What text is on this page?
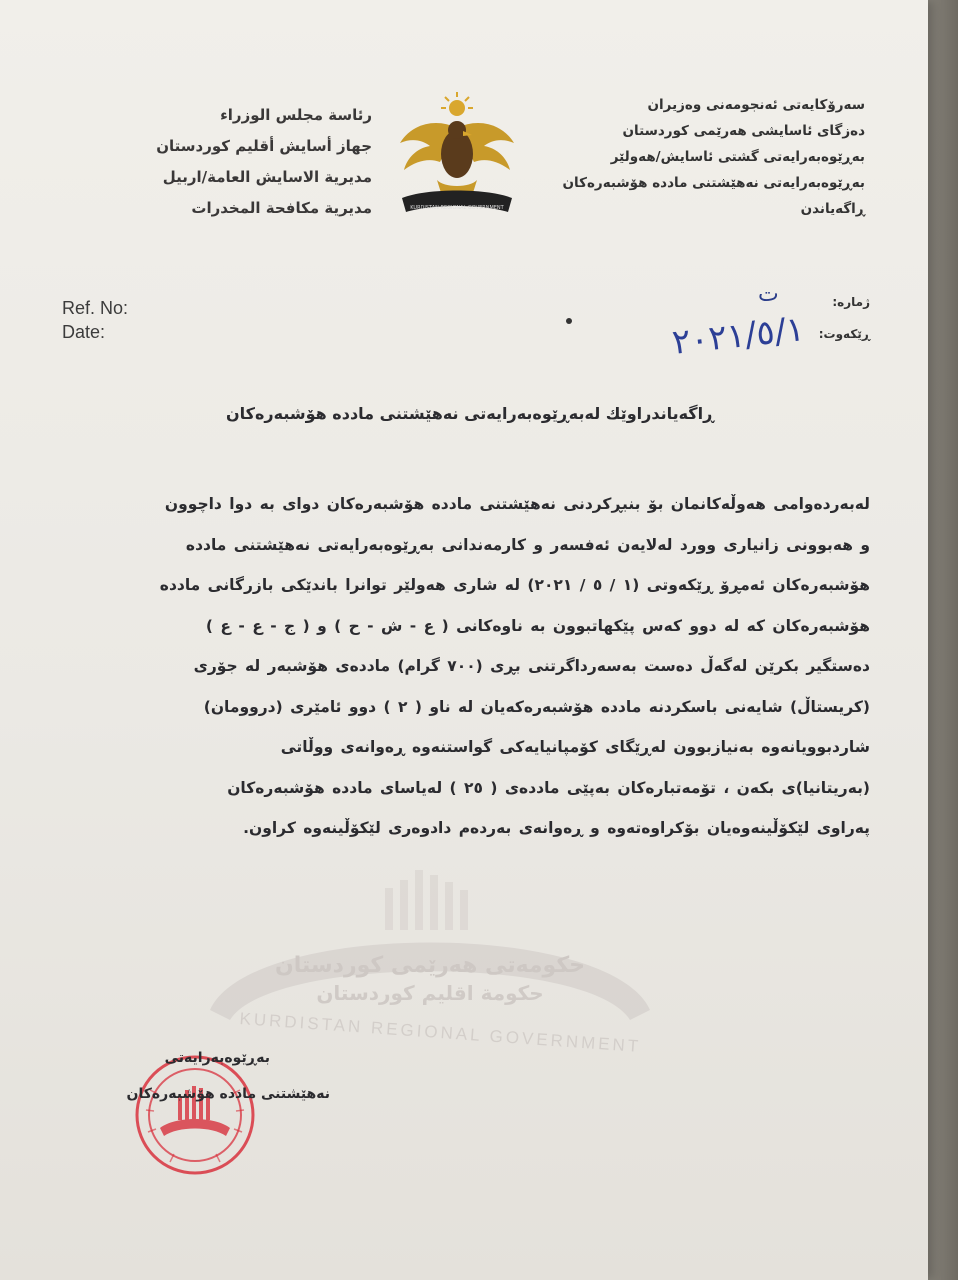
رئاسة مجلس الوزراء
جهاز أسايش أقليم كوردستان
مديرية الاسايش العامة/اربيل
مديرية مكافحة المخدرات	KURDISTAN REGIONAL GOVERNMENT
سەرۆکایەتی ئەنجومەنی وەزیران
دەزگای ئاسایشی هەرێمی کوردستان
بەڕێوەبەرایەتی گشتی ئاسایش/هەولێر
بەڕێوەبەرایەتی نەهێشتنی مادده هۆشبەرەکان
ڕاگەیاندن
Ref. No:
Date:
ژمارە:
ڕێکەوت:
ت
٢٠٢١/٥/١
ڕاگەیاندراوێك لەبەڕێوەبەرایەتی نەهێشتنی مادده هۆشبەرەکان
حکومەتی هەرێمی کوردستان
حكومة اقليم كوردستان
KURDISTAN REGIONAL GOVERNMENT
لەبەردەوامی هەوڵەکانمان بۆ بنبڕکردنی نەهێشتنی مادده هۆشبەرەکان دوای بە دوا داچوون
و هەبوونی زانیاری وورد لەلایەن ئەفسەر و کارمەندانی بەڕێوەبەرایەتی نەهێشتنی مادده
هۆشبەرەکان ئەمڕۆ ڕێکەوتی (١ / ٥ / ٢٠٢١) لە شاری هەولێر توانرا باندێکی بازرگانی مادده
هۆشبەرەکان کە لە دوو کەس پێکهاتبوون بە ناوەکانی ( ع - ش - ح ) و ( ج - ع - ع )
دەستگیر بکرێن لەگەڵ دەست بەسەرداگرتنی بڕی (٧٠٠ گرام) ماددەی هۆشبەر لە جۆری
(کریستاڵ) شایەنی باسکردنە مادده هۆشبەرەکەیان لە ناو ( ٢ ) دوو ئامێری (دروومان)
شاردبوویانەوە بەنیازبوون لەڕێگای کۆمپانیایەکی گواستنەوە ڕەوانەی ووڵاتی
(بەریتانیا)ی بکەن ، تۆمەتبارەکان بەپێی ماددەی ( ٢٥ ) لەیاسای مادده هۆشبەرەکان
پەراوی لێکۆڵینەوەیان بۆکراوەتەوە و ڕەوانەی بەردەم دادوەری لێکۆڵینەوە کراون.
بەڕێوەبەرایەتی
نەهێشتنی مادده هۆشبەرەکان
